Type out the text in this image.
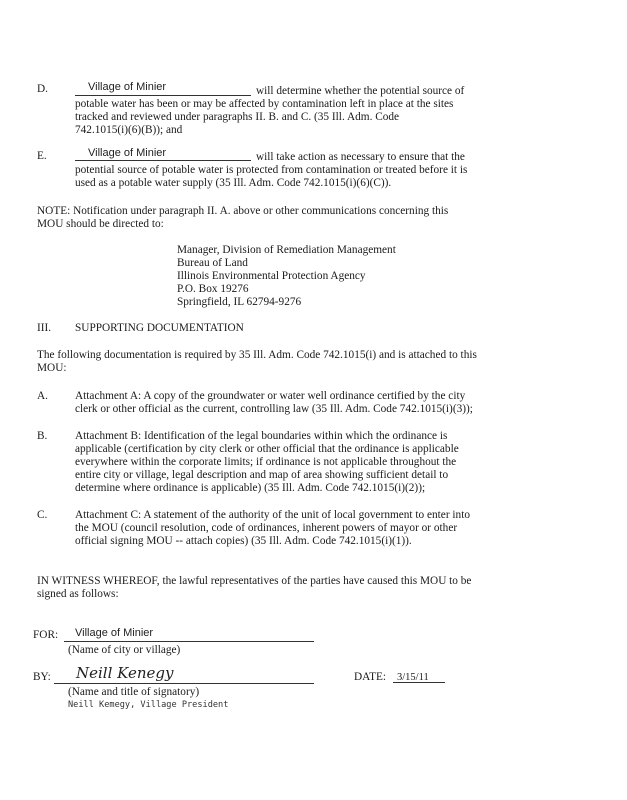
D.	Village of Minier	will determine whether the potential source of
potable water has been or may be affected by contamination left in place at the sites
tracked and reviewed under paragraphs II. B. and C. (35 Ill. Adm. Code
742.1015(i)(6)(B)); and
E.	Village of Minier	will take action as necessary to ensure that the
potential source of potable water is protected from contamination or treated before it is
used as a potable water supply (35 Ill. Adm. Code 742.1015(i)(6)(C)).
NOTE: Notification under paragraph II. A. above or other communications concerning this
MOU should be directed to:
Manager, Division of Remediation Management
Bureau of Land
Illinois Environmental Protection Agency
P.O. Box 19276
Springfield, IL 62794-9276
III. SUPPORTING DOCUMENTATION
The following documentation is required by 35 Ill. Adm. Code 742.1015(i) and is attached to this
MOU:
A. Attachment A: A copy of the groundwater or water well ordinance certified by the city
clerk or other official as the current, controlling law (35 Ill. Adm. Code 742.1015(i)(3));
B. Attachment B: Identification of the legal boundaries within which the ordinance is
applicable (certification by city clerk or other official that the ordinance is applicable
everywhere within the corporate limits; if ordinance is not applicable throughout the
entire city or village, legal description and map of area showing sufficient detail to
determine where ordinance is applicable) (35 Ill. Adm. Code 742.1015(i)(2));
C. Attachment C: A statement of the authority of the unit of local government to enter into
the MOU (council resolution, code of ordinances, inherent powers of mayor or other
official signing MOU -- attach copies) (35 Ill. Adm. Code 742.1015(i)(1)).
IN WITNESS WHEREOF, the lawful representatives of the parties have caused this MOU to be
signed as follows:
FOR: Village of Minier
(Name of city or village)
BY: Neill Kenegy
(Name and title of signatory)
Neill Kemegy, Village President
DATE: 3/15/11
